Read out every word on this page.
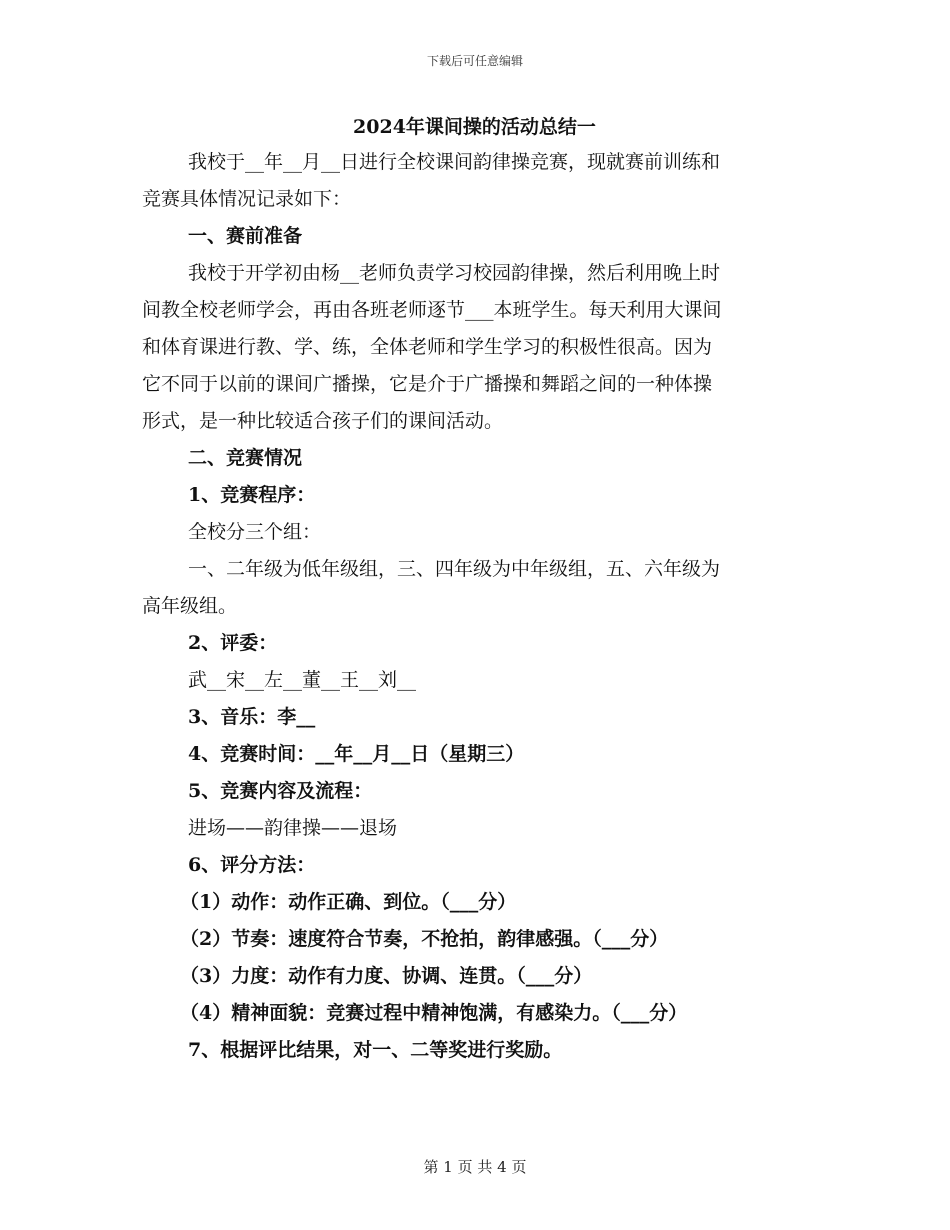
下载后可任意编辑

2024年课间操的活动总结一

我校于__年__月__日进行全校课间韵律操竞赛，现就赛前训练和

竞赛具体情况记录如下：

一、赛前准备

我校于开学初由杨__老师负责学习校园韵律操，然后利用晚上时

间教全校老师学会，再由各班老师逐节___本班学生。每天利用大课间

和体育课进行教、学、练，全体老师和学生学习的积极性很高。因为

它不同于以前的课间广播操，它是介于广播操和舞蹈之间的一种体操

形式，是一种比较适合孩子们的课间活动。

二、竞赛情况

1、竞赛程序：

全校分三个组：

一、二年级为低年级组，三、四年级为中年级组，五、六年级为

高年级组。

2、评委：

武__宋__左__董__王__刘__

3、音乐：李__

4、竞赛时间：__年__月__日（星期三）

5、竞赛内容及流程：

进场——韵律操——退场

6、评分方法：

（1）动作：动作正确、到位。（___分）

（2）节奏：速度符合节奏，不抢拍，韵律感强。（___分）

（3）力度：动作有力度、协调、连贯。（___分）

（4）精神面貌：竞赛过程中精神饱满，有感染力。（___分）

7、根据评比结果，对一、二等奖进行奖励。

第 1 页 共 4 页
